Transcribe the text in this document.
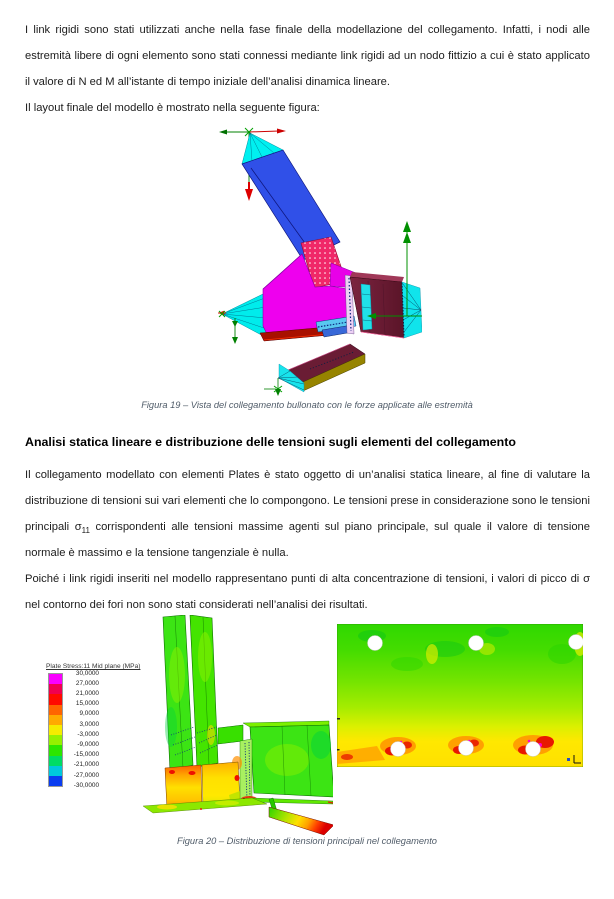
I link rigidi sono stati utilizzati anche nella fase finale della modellazione del collegamento. Infatti, i nodi alle estremità libere di ogni elemento sono stati connessi mediante link rigidi ad un nodo fittizio a cui è stato applicato il valore di N ed M all’istante di tempo iniziale dell’analisi dinamica lineare.

Il layout finale del modello è mostrato nella seguente figura:

Figura 19 – Vista del collegamento bullonato con le forze applicate alle estremità
Analisi statica lineare e distribuzione delle tensioni sugli elementi del collegamento

Il collegamento modellato con elementi Plates è stato oggetto di un’analisi statica lineare, al fine di valutare la distribuzione di tensioni sui vari elementi che lo compongono. Le tensioni prese in considerazione sono le tensioni principali $\sigma_{11}$ corrispondenti alle tensioni massime agenti sul piano principale, sul quale il valore di tensione normale è massimo e la tensione tangenziale è nulla.

Poiché i link rigidi inseriti nel modello rappresentano punti di alta concentrazione di tensioni, i valori di picco di σ nel contorno dei fori non sono stati considerati nell’analisi dei risultati.

Plate Stress:11 Mid plane (MPa)
30,0000
27,0000
21,0000
15,0000
9,0000
3,0000
-3,0000
-9,0000
-15,0000
-21,0000
-27,0000
-30,0000
Figura 20 – Distribuzione di tensioni principali nel collegamento
